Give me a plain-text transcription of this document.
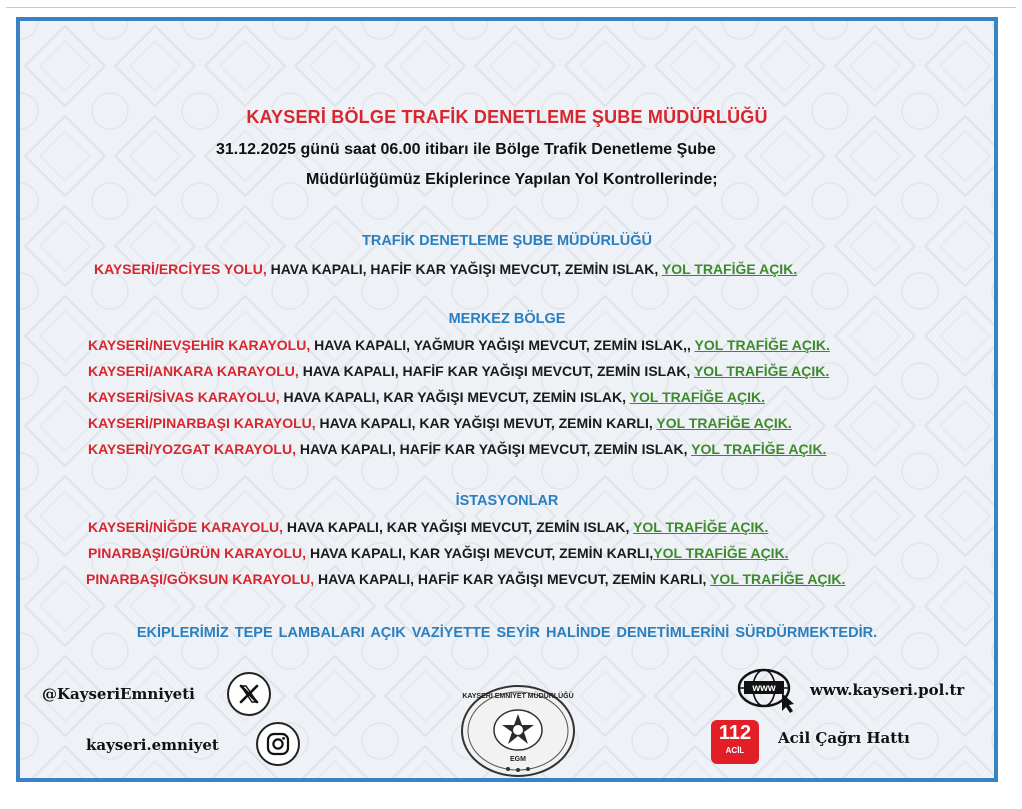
KAYSERİ BÖLGE TRAFİK DENETLEME ŞUBE MÜDÜRLÜĞÜ
31.12.2025 günü saat 06.00 itibarı ile Bölge Trafik Denetleme Şube
Müdürlüğümüz Ekiplerince Yapılan Yol Kontrollerinde;
TRAFİK DENETLEME ŞUBE MÜDÜRLÜĞÜ
KAYSERİ/ERCİYES YOLU, HAVA KAPALI, HAFİF KAR YAĞIŞI MEVCUT, ZEMİN ISLAK, YOL TRAFİĞE AÇIK.
MERKEZ BÖLGE
KAYSERİ/NEVŞEHİR KARAYOLU, HAVA KAPALI, YAĞMUR YAĞIŞI MEVCUT, ZEMİN ISLAK,, YOL TRAFİĞE AÇIK.
KAYSERİ/ANKARA KARAYOLU, HAVA KAPALI, HAFİF KAR YAĞIŞI MEVCUT, ZEMİN ISLAK, YOL TRAFİĞE AÇIK.
KAYSERİ/SİVAS KARAYOLU, HAVA KAPALI, KAR YAĞIŞI MEVCUT, ZEMİN ISLAK, YOL TRAFİĞE AÇIK.
KAYSERİ/PINARBAŞI KARAYOLU, HAVA KAPALI, KAR YAĞIŞI MEVUT, ZEMİN KARLI, YOL TRAFİĞE AÇIK.
KAYSERİ/YOZGAT KARAYOLU, HAVA KAPALI, HAFİF KAR YAĞIŞI MEVCUT, ZEMİN ISLAK, YOL TRAFİĞE AÇIK.
İSTASYONLAR
KAYSERİ/NİĞDE KARAYOLU, HAVA KAPALI, KAR YAĞIŞI MEVCUT, ZEMİN ISLAK, YOL TRAFİĞE AÇIK.
PINARBAŞI/GÜRÜN KARAYOLU, HAVA KAPALI, KAR YAĞIŞI MEVCUT, ZEMİN KARLI,YOL TRAFİĞE AÇIK.
PINARBAŞI/GÖKSUN KARAYOLU, HAVA KAPALI, HAFİF KAR YAĞIŞI MEVCUT, ZEMİN KARLI, YOL TRAFİĞE AÇIK.
EKİPLERİMİZ TEPE LAMBALARI AÇIK VAZİYETTE SEYİR HALİNDE DENETİMLERİNİ SÜRDÜRMEKTEDİR.
@KayseriEmniyeti
kayseri.emniyet
KAYSERİ EMNİYET MÜDÜRLÜĞÜ
EGM
www www.kayseri.pol.tr
112
ACİL
Acil Çağrı Hattı
